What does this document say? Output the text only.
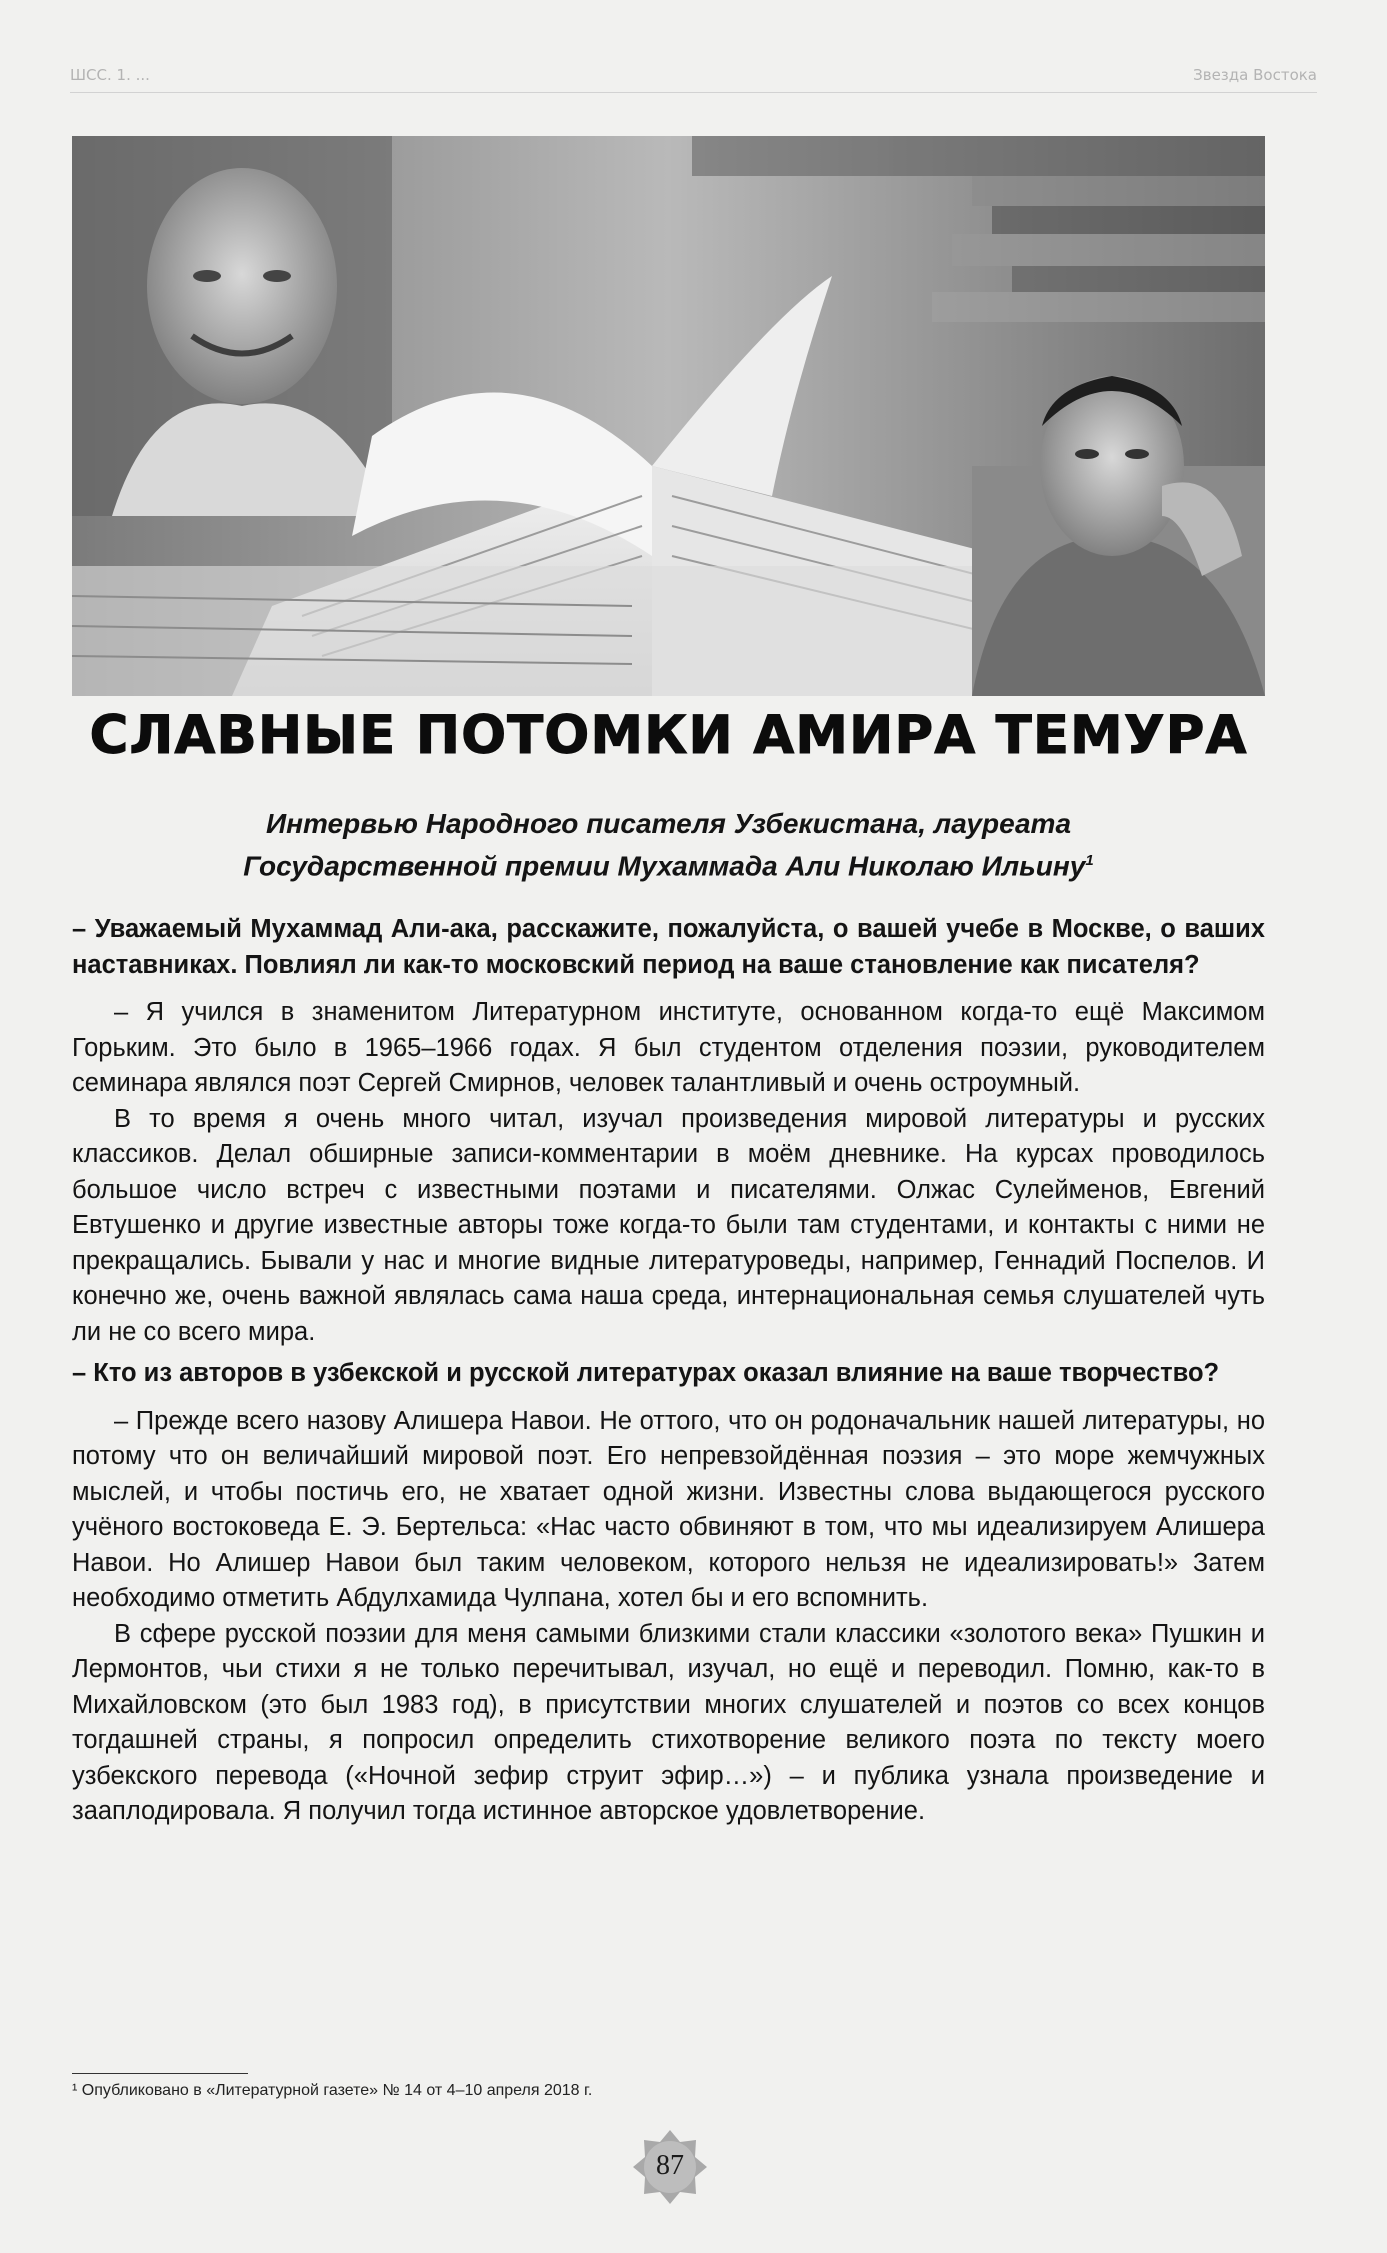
ШСС. 1. ...	Звезда Востока
СЛАВНЫЕ ПОТОМКИ АМИРА ТЕМУРА

Интервью Народного писателя Узбекистана, лауреата

Государственной премии Мухаммада Али Николаю Ильину$^1$

– Уважаемый Мухаммад Али-ака, расскажите, пожалуйста, о вашей учебе в Москве, о ваших наставниках. Повлиял ли как-то московский период на ваше становление как писателя?

– Я учился в знаменитом Литературном институте, основанном когда-то ещё Максимом Горьким. Это было в 1965–1966 годах. Я был студентом отделения поэзии, руководителем семинара являлся поэт Сергей Смирнов, человек талантливый и очень остроумный.

В то время я очень много читал, изучал произведения мировой литературы и русских классиков. Делал обширные записи-комментарии в моём дневнике. На курсах проводилось большое число встреч с известными поэтами и писателями. Олжас Сулейменов, Евгений Евтушенко и другие известные авторы тоже когда-то были там студентами, и контакты с ними не прекращались. Бывали у нас и многие видные литературоведы, например, Геннадий Поспелов. И конечно же, очень важной являлась сама наша среда, интернациональная семья слушателей чуть ли не со всего мира.

– Кто из авторов в узбекской и русской литературах оказал влияние на ваше творчество?

– Прежде всего назову Алишера Навои. Не оттого, что он родоначальник нашей литературы, но потому что он величайший мировой поэт. Его непревзойдённая поэзия – это море жемчужных мыслей, и чтобы постичь его, не хватает одной жизни. Известны слова выдающегося русского учёного востоковеда Е. Э. Бертельса: «Нас часто обвиняют в том, что мы идеализируем Алишера Навои. Но Алишер Навои был таким человеком, которого нельзя не идеализировать!» Затем необходимо отметить Абдулхамида Чулпана, хотел бы и его вспомнить.

В сфере русской поэзии для меня самыми близкими стали классики «золотого века» Пушкин и Лермонтов, чьи стихи я не только перечитывал, изучал, но ещё и переводил. Помню, как-то в Михайловском (это был 1983 год), в присутствии многих слушателей и поэтов со всех концов тогдашней страны, я попросил определить стихотворение великого поэта по тексту моего узбекского перевода («Ночной зефир струит эфир…») – и публика узнала произведение и зааплодировала. Я получил тогда истинное авторское удовлетворение.

¹ Опубликовано в «Литературной газете» № 14 от 4–10 апреля 2018 г.
87
